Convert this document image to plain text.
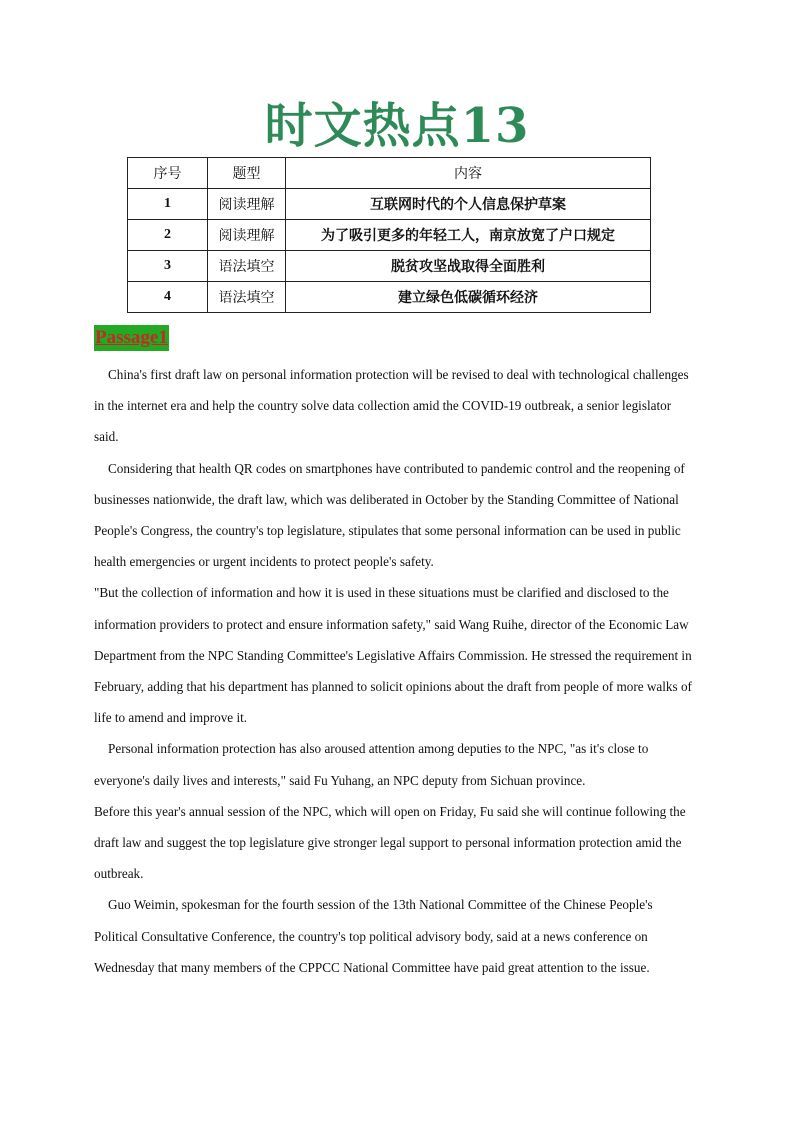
时文热点13
序号	题型	内容
1	阅读理解	互联网时代的个人信息保护草案
2	阅读理解	为了吸引更多的年轻工人，南京放宽了户口规定
3	语法填空	脱贫攻坚战取得全面胜利
4	语法填空	建立绿色低碳循环经济
Passage1

China's first draft law on personal information protection will be revised to deal with technological challenges in the internet era and help the country solve data collection amid the COVID-19 outbreak, a senior legislator said.

Considering that health QR codes on smartphones have contributed to pandemic control and the reopening of businesses nationwide, the draft law, which was deliberated in October by the Standing Committee of National People's Congress, the country's top legislature, stipulates that some personal information can be used in public health emergencies or urgent incidents to protect people's safety.

"But the collection of information and how it is used in these situations must be clarified and disclosed to the information providers to protect and ensure information safety," said Wang Ruihe, director of the Economic Law Department from the NPC Standing Committee's Legislative Affairs Commission. He stressed the requirement in February, adding that his department has planned to solicit opinions about the draft from people of more walks of life to amend and improve it.

Personal information protection has also aroused attention among deputies to the NPC, "as it's close to everyone's daily lives and interests," said Fu Yuhang, an NPC deputy from Sichuan province.

Before this year's annual session of the NPC, which will open on Friday, Fu said she will continue following the draft law and suggest the top legislature give stronger legal support to personal information protection amid the outbreak.

Guo Weimin, spokesman for the fourth session of the 13th National Committee of the Chinese People's Political Consultative Conference, the country's top political advisory body, said at a news conference on Wednesday that many members of the CPPCC National Committee have paid great attention to the issue.
